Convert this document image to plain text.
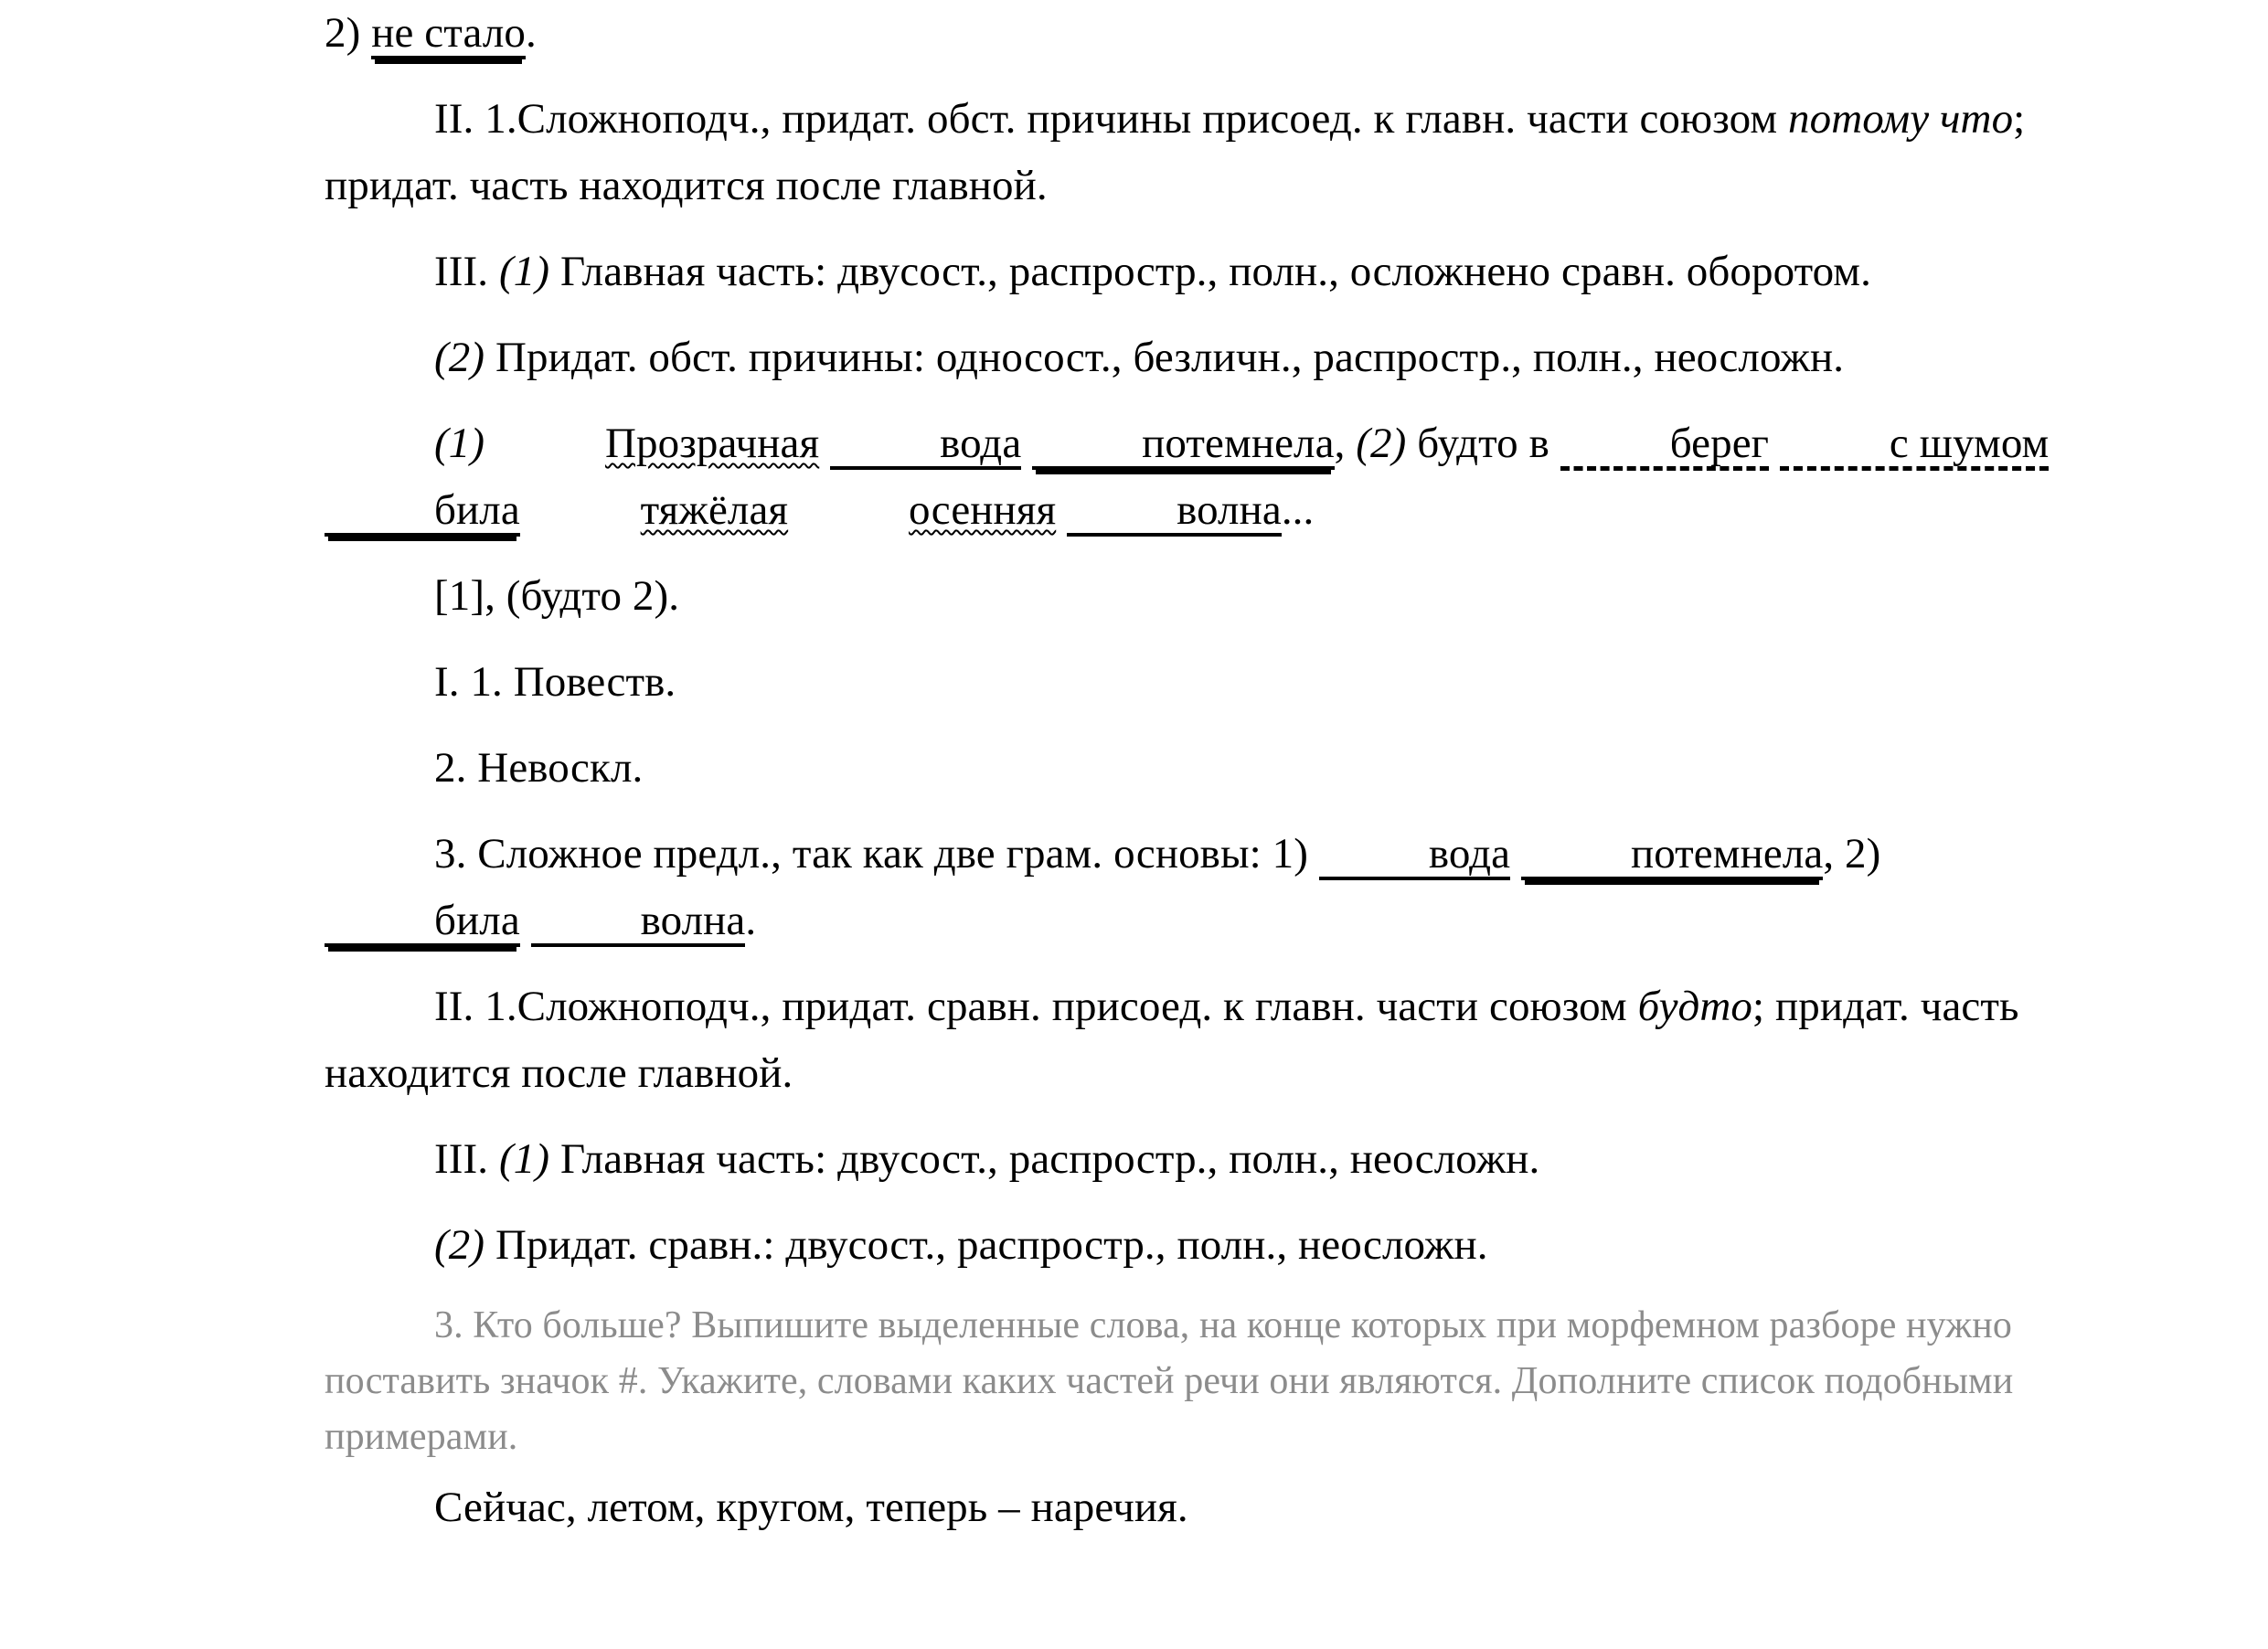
2) не стало.

II. 1.Сложноподч., придат. обст. причины присоед. к главн. части союзом потому что; придат. часть находится после главной.

III. (1) Главная часть: двусост., распростр., полн., осложнено сравн. оборотом.

(2) Придат. обст. причины: односост., безличн., распростр., полн., неосложн.

(1)	Прозрачная	вода	потемнела, (2) будто в	берег	с шумом била	тяжёлая	осенняя	волна...

[1], (будто 2).

I. 1. Повеств.

2. Невоскл.

3. Сложное предл., так как две грам. основы: 1)	вода	потемнела, 2) била	волна.

II. 1.Сложноподч., придат. сравн. присоед. к главн. части союзом будто; придат. часть находится после главной.

III. (1) Главная часть: двусост., распростр., полн., неосложн.

(2) Придат. сравн.: двусост., распростр., полн., неосложн.

3. Кто больше? Выпишите выделенные слова, на конце которых при морфемном разборе нужно поставить значок #. Укажите, словами каких частей речи они являются. Дополните список подобными примерами.

Сейчас, летом, кругом, теперь – наречия.
